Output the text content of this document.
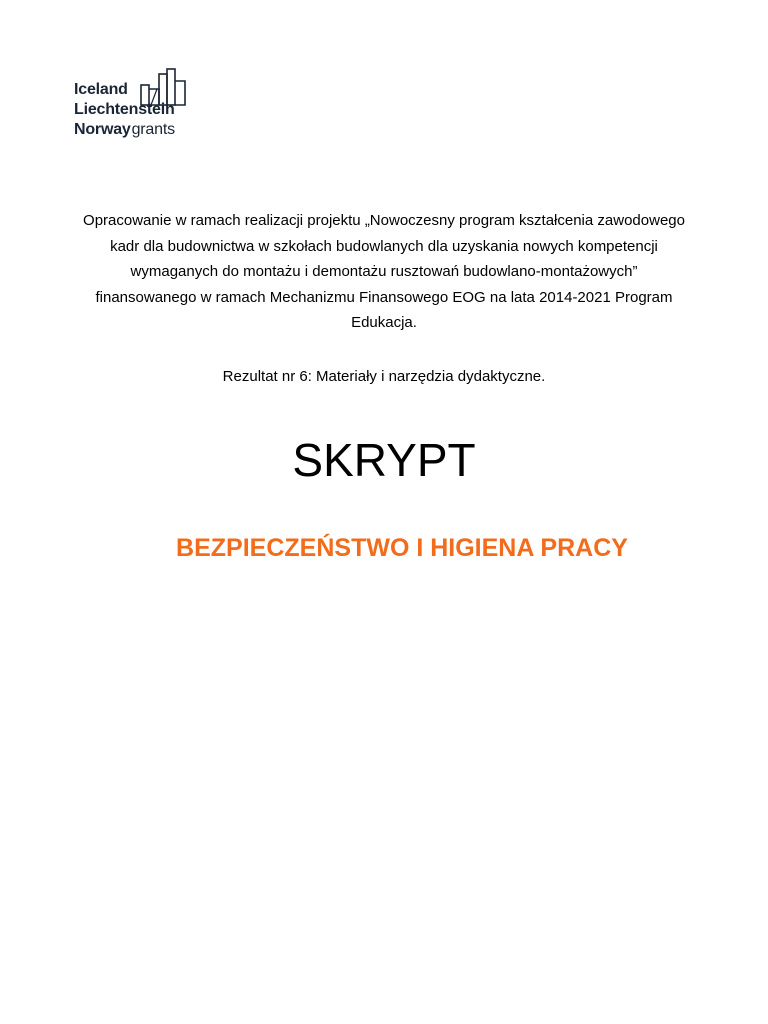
Iceland
Liechtenstein
Norwaygrants
Opracowanie w ramach realizacji projektu „Nowoczesny program kształcenia zawodowego
kadr dla budownictwa w szkołach budowlanych dla uzyskania nowych kompetencji
wymaganych do montażu i demontażu rusztowań budowlano-montażowych”
finansowanego w ramach Mechanizmu Finansowego EOG na lata 2014-2021 Program
Edukacja.
Rezultat nr 6: Materiały i narzędzia dydaktyczne.
SKRYPT
BEZPIECZEŃSTWO I HIGIENA PRACY
